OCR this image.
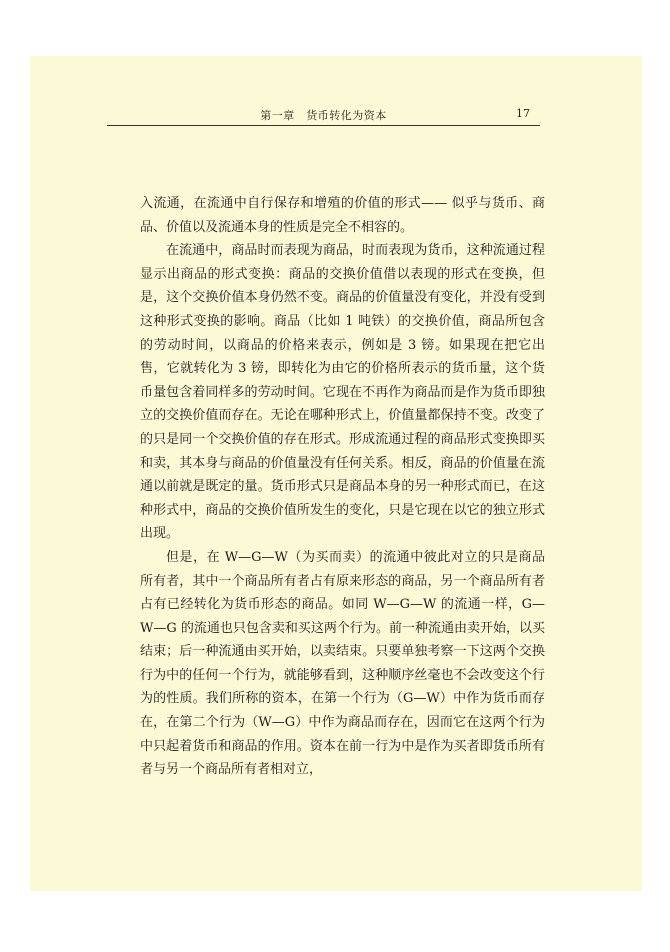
第一章　货币转化为资本	17

入流通，在流通中自行保存和增殖的价值的形式—— 似乎与货币、商品、价值以及流通本身的性质是完全不相容的。

在流通中，商品时而表现为商品，时而表现为货币，这种流通过程显示出商品的形式变换：商品的交换价值借以表现的形式在变换，但是，这个交换价值本身仍然不变。商品的价值量没有变化，并没有受到这种形式变换的影响。商品（比如 1 吨铁）的交换价值，商品所包含的劳动时间，以商品的价格来表示，例如是 3 镑。如果现在把它出售，它就转化为 3 镑，即转化为由它的价格所表示的货币量，这个货币量包含着同样多的劳动时间。它现在不再作为商品而是作为货币即独立的交换价值而存在。无论在哪种形式上，价值量都保持不变。改变了的只是同一个交换价值的存在形式。形成流通过程的商品形式变换即买和卖，其本身与商品的价值量没有任何关系。相反，商品的价值量在流通以前就是既定的量。货币形式只是商品本身的另一种形式而已，在这种形式中，商品的交换价值所发生的变化，只是它现在以它的独立形式出现。

但是，在 W—G—W（为买而卖）的流通中彼此对立的只是商品所有者，其中一个商品所有者占有原来形态的商品，另一个商品所有者占有已经转化为货币形态的商品。如同 W—G—W 的流通一样，G—W—G 的流通也只包含卖和买这两个行为。前一种流通由卖开始，以买结束；后一种流通由买开始，以卖结束。只要单独考察一下这两个交换行为中的任何一个行为，就能够看到，这种顺序丝毫也不会改变这个行为的性质。我们所称的资本，在第一个行为（G—W）中作为货币而存在，在第二个行为（W—G）中作为商品而存在，因而它在这两个行为中只起着货币和商品的作用。资本在前一行为中是作为买者即货币所有者与另一个商品所有者相对立，
